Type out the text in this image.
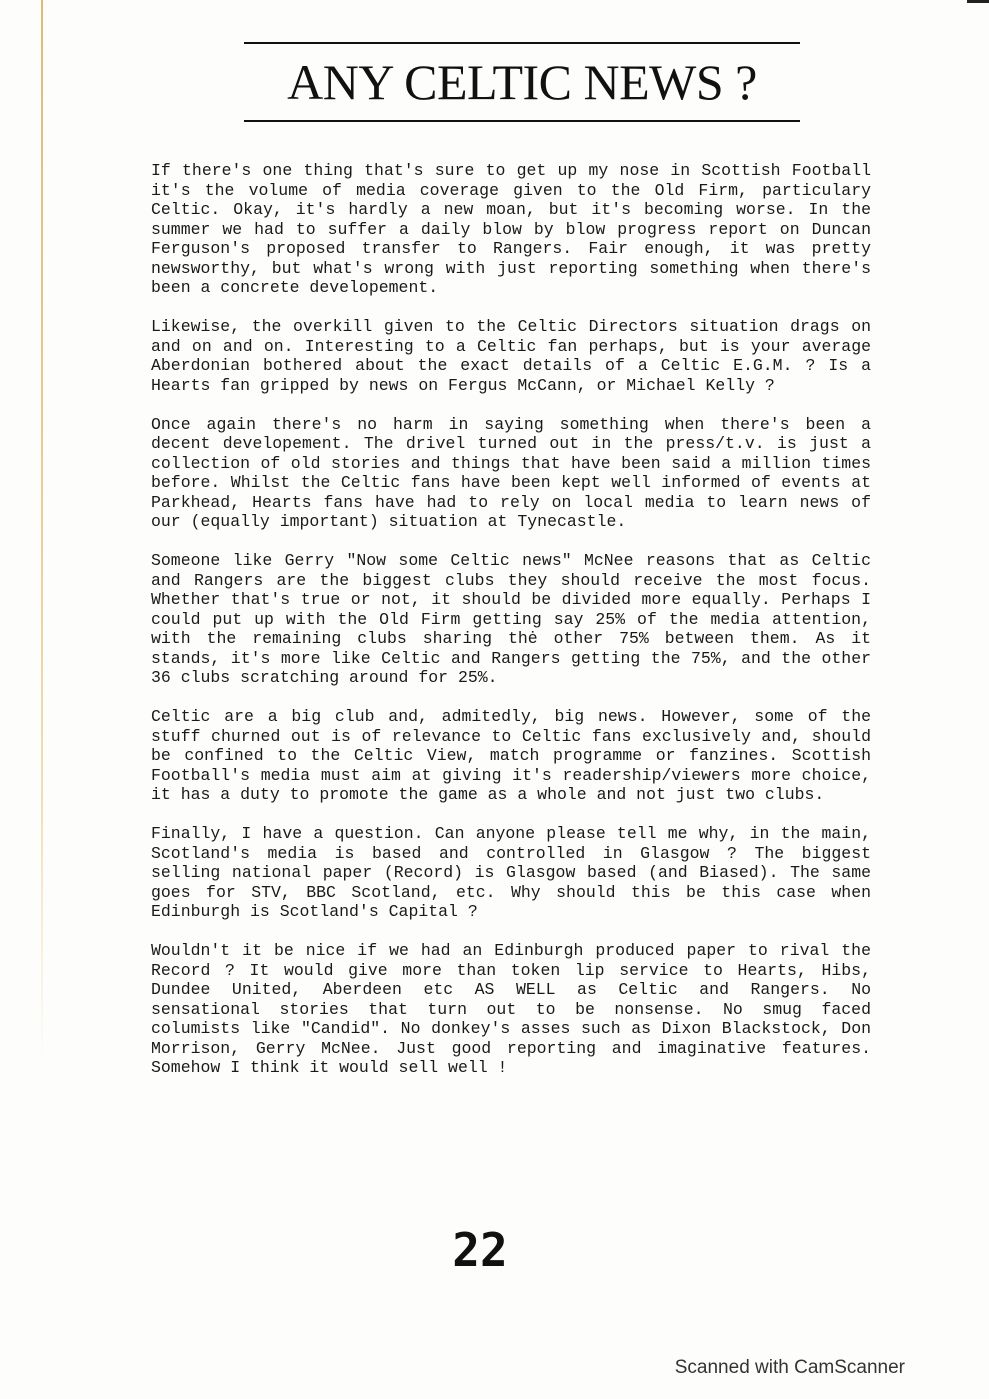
ANY CELTIC NEWS ?

If there's one thing that's sure to get up my nose in Scottish Football it's the volume of media coverage given to the Old Firm, particulary Celtic. Okay, it's hardly a new moan, but it's becoming worse. In the summer we had to suffer a daily blow by blow progress report on Duncan Ferguson's proposed transfer to Rangers. Fair enough, it was pretty newsworthy, but what's wrong with just reporting something when there's been a concrete developement.

Likewise, the overkill given to the Celtic Directors situation drags on and on and on. Interesting to a Celtic fan perhaps, but is your average Aberdonian bothered about the exact details of a Celtic E.G.M. ? Is a Hearts fan gripped by news on Fergus McCann, or Michael Kelly ?

Once again there's no harm in saying something when there's been a decent developement. The drivel turned out in the press/t.v. is just a collection of old stories and things that have been said a million times before. Whilst the Celtic fans have been kept well informed of events at Parkhead, Hearts fans have had to rely on local media to learn news of our (equally important) situation at Tynecastle.

Someone like Gerry "Now some Celtic news" McNee reasons that as Celtic and Rangers are the biggest clubs they should receive the most focus. Whether that's true or not, it should be divided more equally. Perhaps I could put up with the Old Firm getting say 25% of the media attention, with the remaining clubs sharing thė other 75% between them. As it stands, it's more like Celtic and Rangers getting the 75%, and the other 36 clubs scratching around for 25%.

Celtic are a big club and, admitedly, big news. However, some of the stuff churned out is of relevance to Celtic fans exclusively and, should be confined to the Celtic View, match programme or fanzines. Scottish Football's media must aim at giving it's readership/viewers more choice, it has a duty to promote the game as a whole and not just two clubs.

Finally, I have a question. Can anyone please tell me why, in the main, Scotland's media is based and controlled in Glasgow ? The biggest selling national paper (Record) is Glasgow based (and Biased). The same goes for STV, BBC Scotland, etc. Why should this be this case when Edinburgh is Scotland's Capital ?

Wouldn't it be nice if we had an Edinburgh produced paper to rival the Record ? It would give more than token lip service to Hearts, Hibs, Dundee United, Aberdeen etc AS WELL as Celtic and Rangers. No sensational stories that turn out to be nonsense. No smug faced columists like "Candid". No donkey's asses such as Dixon Blackstock, Don Morrison, Gerry McNee. Just good reporting and imaginative features. Somehow I think it would sell well !

22
Scanned with CamScanner
